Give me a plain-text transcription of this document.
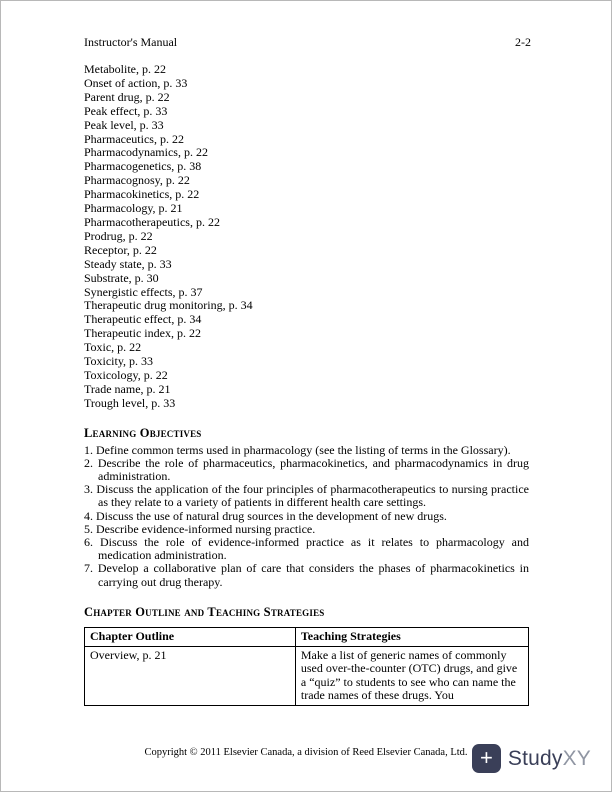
Instructor's Manual	2-2
Metabolite, p. 22
Onset of action, p. 33
Parent drug, p. 22
Peak effect, p. 33
Peak level, p. 33
Pharmaceutics, p. 22
Pharmacodynamics, p. 22
Pharmacogenetics, p. 38
Pharmacognosy, p. 22
Pharmacokinetics, p. 22
Pharmacology, p. 21
Pharmacotherapeutics, p. 22
Prodrug, p. 22
Receptor, p. 22
Steady state, p. 33
Substrate, p. 30
Synergistic effects, p. 37
Therapeutic drug monitoring, p. 34
Therapeutic effect, p. 34
Therapeutic index, p. 22
Toxic, p. 22
Toxicity, p. 33
Toxicology, p. 22
Trade name, p. 21
Trough level, p. 33
Learning Objectives
1. Define common terms used in pharmacology (see the listing of terms in the Glossary).
2. Describe the role of pharmaceutics, pharmacokinetics, and pharmacodynamics in drug administration.
3. Discuss the application of the four principles of pharmacotherapeutics to nursing practice as they relate to a variety of patients in different health care settings.
4. Discuss the use of natural drug sources in the development of new drugs.
5. Describe evidence-informed nursing practice.
6. Discuss the role of evidence-informed practice as it relates to pharmacology and medication administration.
7. Develop a collaborative plan of care that considers the phases of pharmacokinetics in carrying out drug therapy.
Chapter Outline and Teaching Strategies
Chapter Outline	Teaching Strategies
Overview, p. 21	Make a list of generic names of commonly used over-the-counter (OTC) drugs, and give a “quiz” to students to see who can name the trade names of these drugs. You
Copyright © 2011 Elsevier Canada, a division of Reed Elsevier Canada, Ltd. + StudyXY
